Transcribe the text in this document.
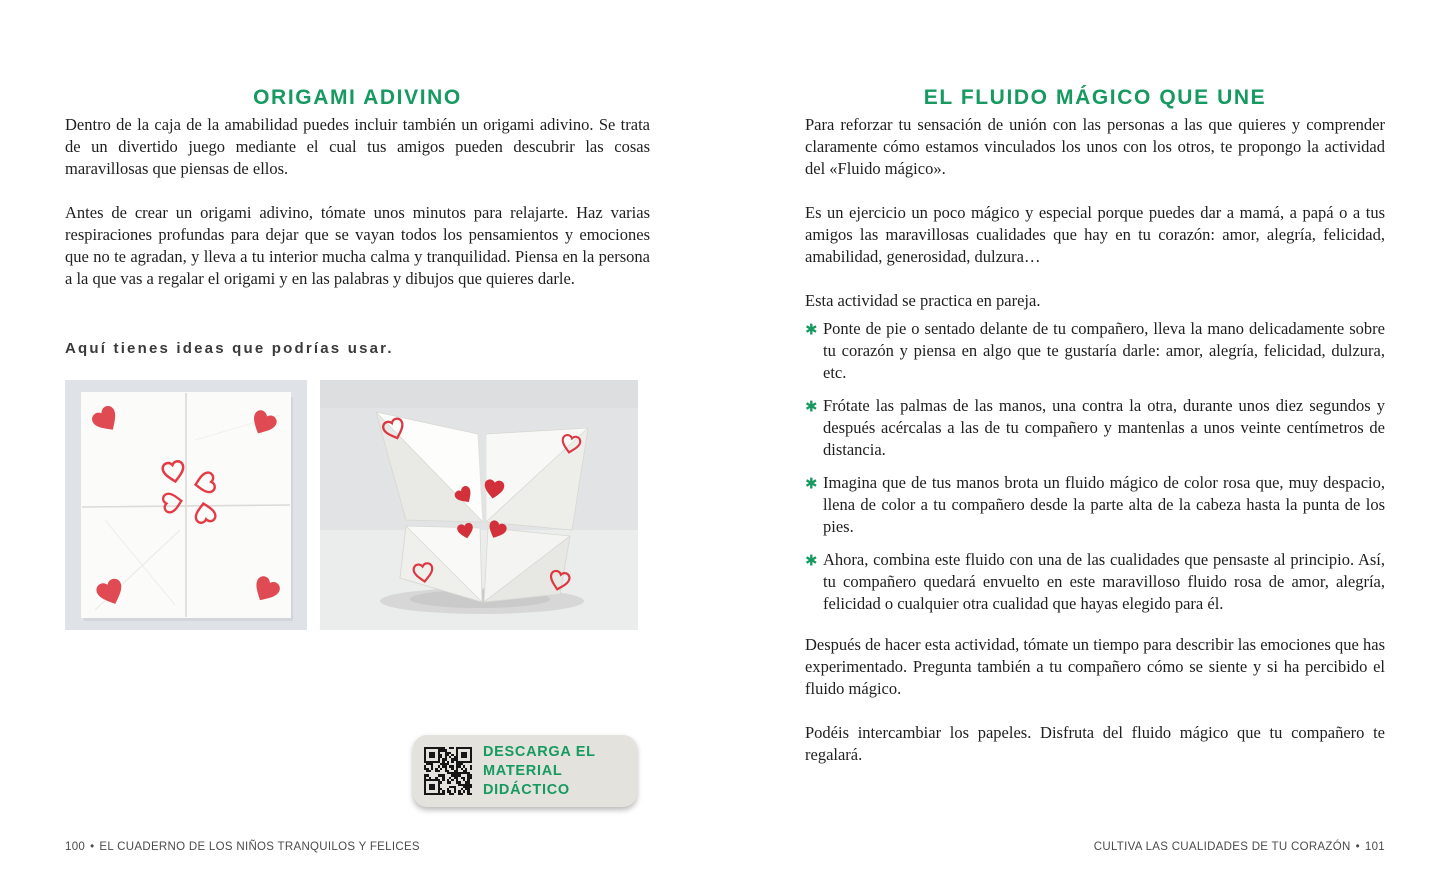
ORIGAMI ADIVINO

Dentro de la caja de la amabilidad puedes incluir también un origami adivino. Se trata de un divertido juego mediante el cual tus amigos pueden descubrir las cosas maravillosas que piensas de ellos.

Antes de crear un origami adivino, tómate unos minutos para relajarte. Haz varias respiraciones profundas para dejar que se vayan todos los pensamientos y emociones que no te agradan, y lleva a tu interior mucha calma y tranquilidad. Piensa en la persona a la que vas a regalar el origami y en las palabras y dibujos que quieres darle.

Aquí tienes ideas que podrías usar.
EL FLUIDO MÁGICO QUE UNE

Para reforzar tu sensación de unión con las personas a las que quieres y comprender claramente cómo estamos vinculados los unos con los otros, te propongo la actividad del «Fluido mágico».

Es un ejercicio un poco mágico y especial porque puedes dar a mamá, a papá o a tus amigos las maravillosas cualidades que hay en tu corazón: amor, alegría, felicidad, amabilidad, generosidad, dulzura…

Esta actividad se practica en pareja.

✱ Ponte de pie o sentado delante de tu compañero, lleva la mano delicadamente sobre tu corazón y piensa en algo que te gustaría darle: amor, alegría, felicidad, dulzura, etc.
✱ Frótate las palmas de las manos, una contra la otra, durante unos diez segundos y después acércalas a las de tu compañero y mantenlas a unos veinte centímetros de distancia.
✱ Imagina que de tus manos brota un fluido mágico de color rosa que, muy despacio, llena de color a tu compañero desde la parte alta de la cabeza hasta la punta de los pies.
✱ Ahora, combina este fluido con una de las cualidades que pensaste al principio. Así, tu compañero quedará envuelto en este maravilloso fluido rosa de amor, alegría, felicidad o cualquier otra cualidad que hayas elegido para él.

Después de hacer esta actividad, tómate un tiempo para describir las emociones que has experimentado. Pregunta también a tu compañero cómo se siente y si ha percibido el fluido mágico.

Podéis intercambiar los papeles. Disfruta del fluido mágico que tu compañero te regalará.

DESCARGA EL
MATERIAL DIDÁCTICO
100 • EL CUADERNO DE LOS NIÑOS TRANQUILOS Y FELICES	CULTIVA LAS CUALIDADES DE TU CORAZÓN • 101
